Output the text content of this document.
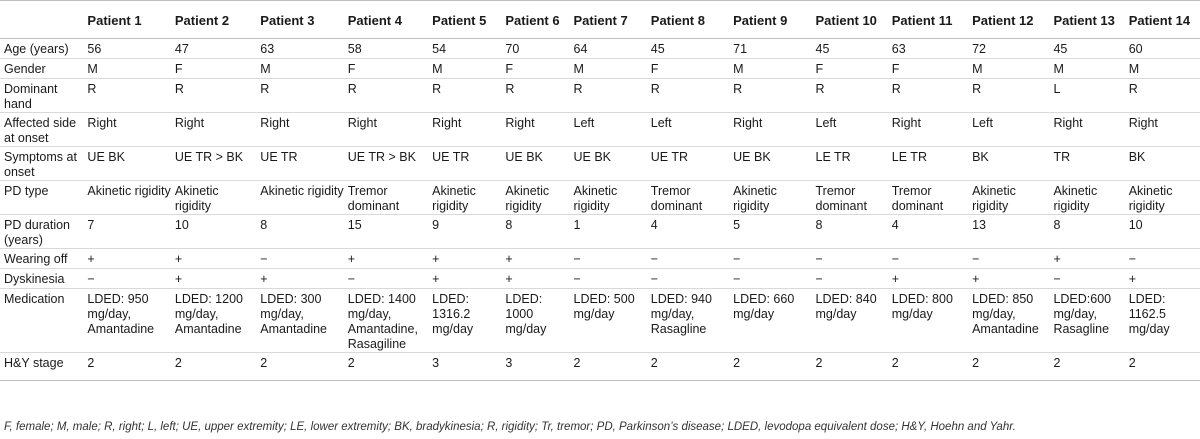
	Patient 1	Patient 2	Patient 3	Patient 4	Patient 5	Patient 6	Patient 7	Patient 8	Patient 9	Patient 10	Patient 11	Patient 12	Patient 13	Patient 14
Age (years)	56	47	63	58	54	70	64	45	71	45	63	72	45	60
Gender	M	F	M	F	M	F	M	F	M	F	F	M	M	M
Dominant hand	R	R	R	R	R	R	R	R	R	R	R	R	L	R
Affected side at onset	Right	Right	Right	Right	Right	Right	Left	Left	Right	Left	Right	Left	Right	Right
Symptoms at onset	UE BK	UE TR > BK	UE TR	UE TR > BK	UE TR	UE BK	UE BK	UE TR	UE BK	LE TR	LE TR	BK	TR	BK
PD type	Akinetic rigidity	Akinetic rigidity	Akinetic rigidity	Tremor dominant	Akinetic rigidity	Akinetic rigidity	Akinetic rigidity	Tremor dominant	Akinetic rigidity	Tremor dominant	Tremor dominant	Akinetic rigidity	Akinetic rigidity	Akinetic rigidity
PD duration (years)	7	10	8	15	9	8	1	4	5	8	4	13	8	10
Wearing off	+	+	−	+	+	+	−	−	−	−	−	−	+	−
Dyskinesia	−	+	+	−	+	+	−	−	−	−	+	+	−	+
Medication	LDED: 950 mg/day, Amantadine	LDED: 1200 mg/day, Amantadine	LDED: 300 mg/day, Amantadine	LDED: 1400 mg/day, Amantadine, Rasagiline	LDED: 1316.2 mg/day	LDED: 1000 mg/day	LDED: 500 mg/day	LDED: 940 mg/day, Rasagline	LDED: 660 mg/day	LDED: 840 mg/day	LDED: 800 mg/day	LDED: 850 mg/day, Amantadine	LDED:600 mg/day, Rasagline	LDED: 1162.5 mg/day
H&Y stage	2	2	2	2	3	3	2	2	2	2	2	2	2	2
F, female; M, male; R, right; L, left; UE, upper extremity; LE, lower extremity; BK, bradykinesia; R, rigidity; Tr, tremor; PD, Parkinson’s disease; LDED, levodopa equivalent dose; H&Y, Hoehn and Yahr.
